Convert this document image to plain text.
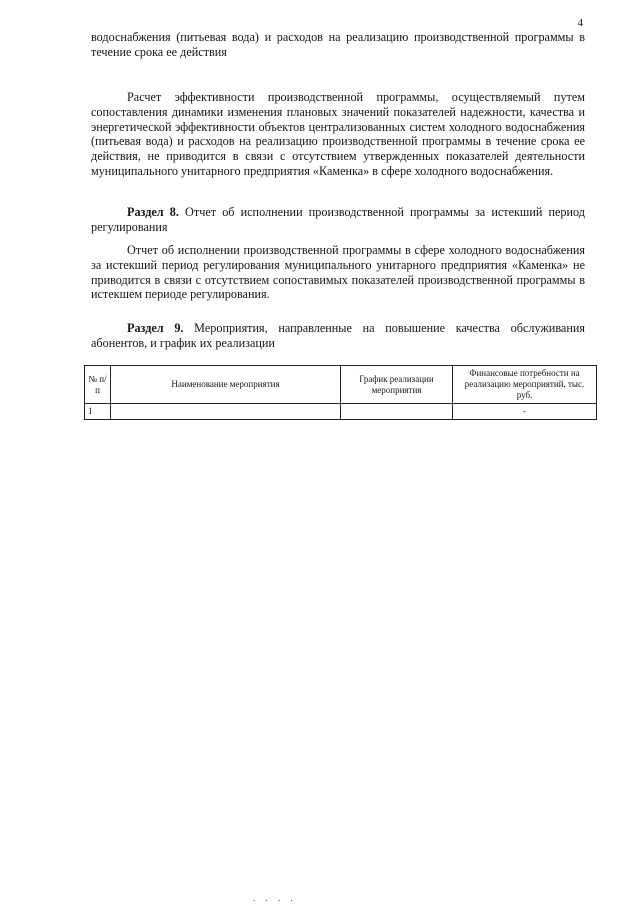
4

водоснабжения (питьевая вода) и расходов на реализацию производственной программы в течение срока ее действия

Расчет эффективности производственной программы, осуществляемый путем сопоставления динамики изменения плановых значений показателей надежности, качества и энергетической эффективности объектов централизованных систем холодного водоснабжения (питьевая вода) и расходов на реализацию производственной программы в течение срока ее действия, не приводится в связи с отсутствием утвержденных показателей деятельности муниципального унитарного предприятия «Каменка» в сфере холодного водоснабжения.

Раздел 8. Отчет об исполнении производственной программы за истекший период регулирования

Отчет об исполнении производственной программы в сфере холодного водоснабжения за истекший период регулирования муниципального унитарного предприятия «Каменка» не приводится в связи с отсутствием сопоставимых показателей производственной программы в истекшем периоде регулирования.

Раздел 9. Мероприятия, направленные на повышение качества обслуживания абонентов, и график их реализации

№ п/п	Наименование мероприятия	График реализации мероприятия	Финансовые потребности на реализацию мероприятий, тыс. руб.
1			-
. . . .
